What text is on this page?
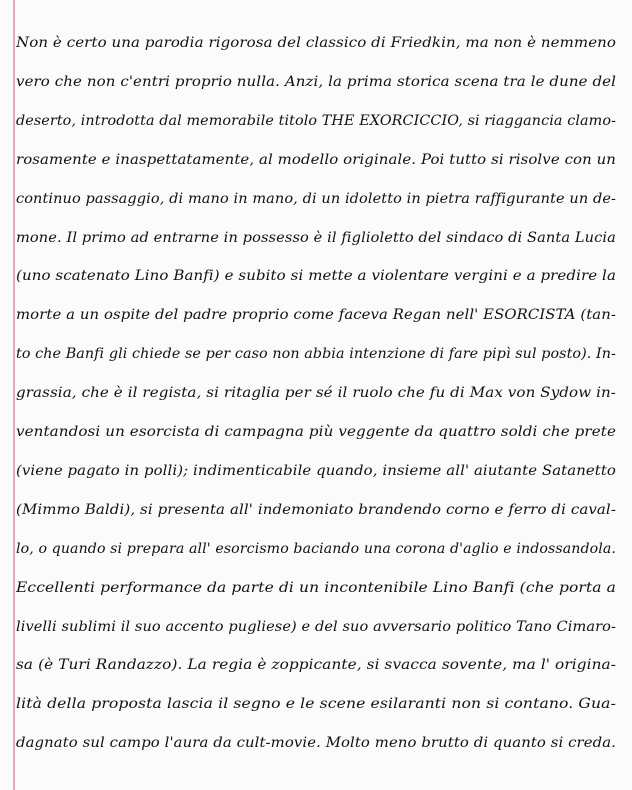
Non è certo una parodia rigorosa del classico di Friedkin, ma non è nemmeno
vero che non c'entri proprio nulla. Anzi, la prima storica scena tra le dune del
deserto, introdotta dal memorabile titolo THE EXORCICCIO, si riaggancia clamo-
rosamente e inaspettatamente, al modello originale. Poi tutto si risolve con un
continuo passaggio, di mano in mano, di un idoletto in pietra raffigurante un de-
mone. Il primo ad entrarne in possesso è il figlioletto del sindaco di Santa Lucia
(uno scatenato Lino Banfi) e subito si mette a violentare vergini e a predire la
morte a un ospite del padre proprio come faceva Regan nell' ESORCISTA (tan-
to che Banfi gli chiede se per caso non abbia intenzione di fare pipì sul posto). In-
grassia, che è il regista, si ritaglia per sé il ruolo che fu di Max von Sydow in-
ventandosi un esorcista di campagna più veggente da quattro soldi che prete
(viene pagato in polli); indimenticabile quando, insieme all' aiutante Satanetto
(Mimmo Baldi), si presenta all' indemoniato brandendo corno e ferro di caval-
lo, o quando si prepara all' esorcismo baciando una corona d'aglio e indossandola.
Eccellenti performance da parte di un incontenibile Lino Banfi (che porta a
livelli sublimi il suo accento pugliese) e del suo avversario politico Tano Cimaro-
sa (è Turi Randazzo). La regia è zoppicante, si svacca sovente, ma l' origina-
lità della proposta lascia il segno e le scene esilaranti non si contano. Gua-
dagnato sul campo l'aura da cult-movie. Molto meno brutto di quanto si creda.
